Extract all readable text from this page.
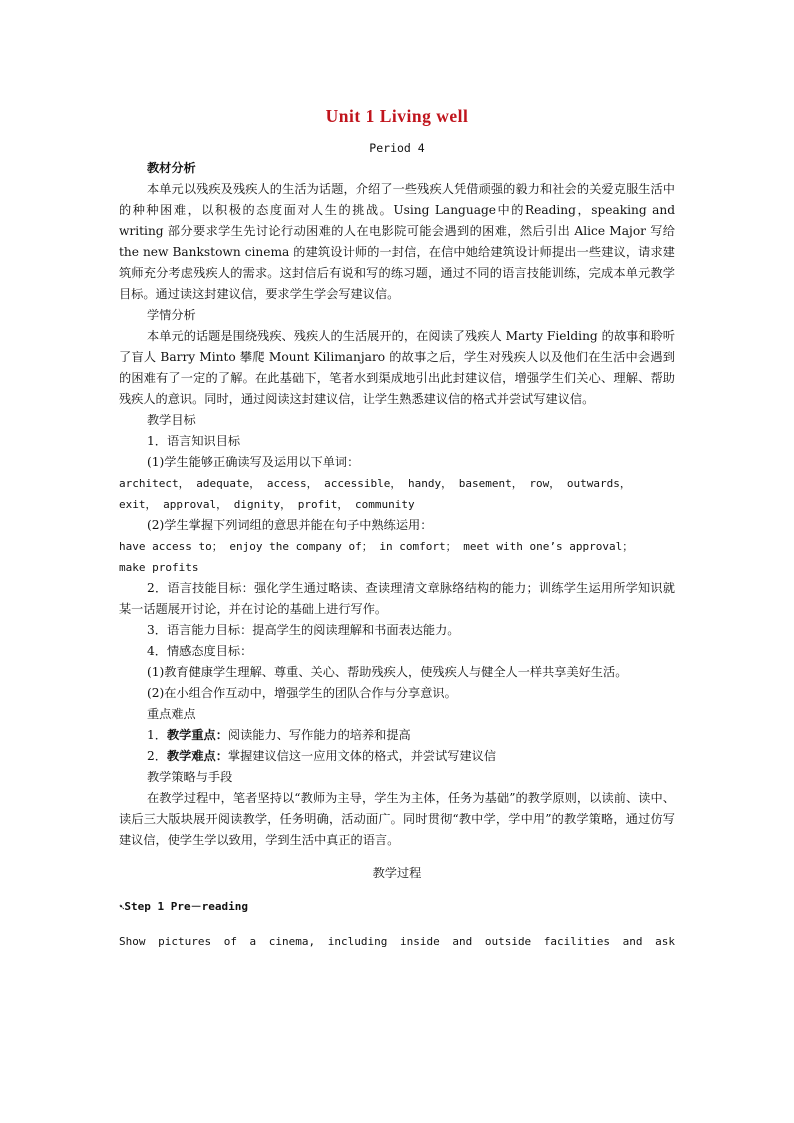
Unit 1 Living well
Period 4

教材分析

本单元以残疾及残疾人的生活为话题，介绍了一些残疾人凭借顽强的毅力和社会的关爱克服生活中的种种困难，以积极的态度面对人生的挑战。Using Language中的Reading，speaking and writing 部分要求学生先讨论行动困难的人在电影院可能会遇到的困难，然后引出 Alice Major 写给 the new Bankstown cinema 的建筑设计师的一封信，在信中她给建筑设计师提出一些建议，请求建筑师充分考虑残疾人的需求。这封信后有说和写的练习题，通过不同的语言技能训练，完成本单元教学目标。通过读这封建议信，要求学生学会写建议信。

学情分析

本单元的话题是围绕残疾、残疾人的生活展开的，在阅读了残疾人 Marty Fielding 的故事和聆听了盲人 Barry Minto 攀爬 Mount Kilimanjaro 的故事之后，学生对残疾人以及他们在生活中会遇到的困难有了一定的了解。在此基础下，笔者水到渠成地引出此封建议信，增强学生们关心、理解、帮助残疾人的意识。同时，通过阅读这封建议信，让学生熟悉建议信的格式并尝试写建议信。

教学目标

1．语言知识目标

(1)学生能够正确读写及运用以下单词：

architect， adequate， access， accessible， handy， basement， row， outwards，

exit， approval， dignity， profit， community

(2)学生掌握下列词组的意思并能在句子中熟练运用：

have access to； enjoy the company of； in comfort； meet with one’s approval；

make profits

2．语言技能目标：强化学生通过略读、查读理清文章脉络结构的能力；训练学生运用所学知识就某一话题展开讨论，并在讨论的基础上进行写作。

3．语言能力目标：提高学生的阅读理解和书面表达能力。

4．情感态度目标：

(1)教育健康学生理解、尊重、关心、帮助残疾人，使残疾人与健全人一样共享美好生活。

(2)在小组合作互动中，增强学生的团队合作与分享意识。

重点难点

1．教学重点：阅读能力、写作能力的培养和提高

2．教学难点：掌握建议信这一应用文体的格式，并尝试写建议信

教学策略与手段

在教学过程中，笔者坚持以“教师为主导，学生为主体，任务为基础”的教学原则，以读前、读中、读后三大版块展开阅读教学，任务明确，活动面广。同时贯彻“教中学，学中用”的教学策略，通过仿写建议信，使学生学以致用，学到生活中真正的语言。

教学过程

➷Step 1 Pre－reading

Show pictures of a cinema, including inside and outside facilities and ask
